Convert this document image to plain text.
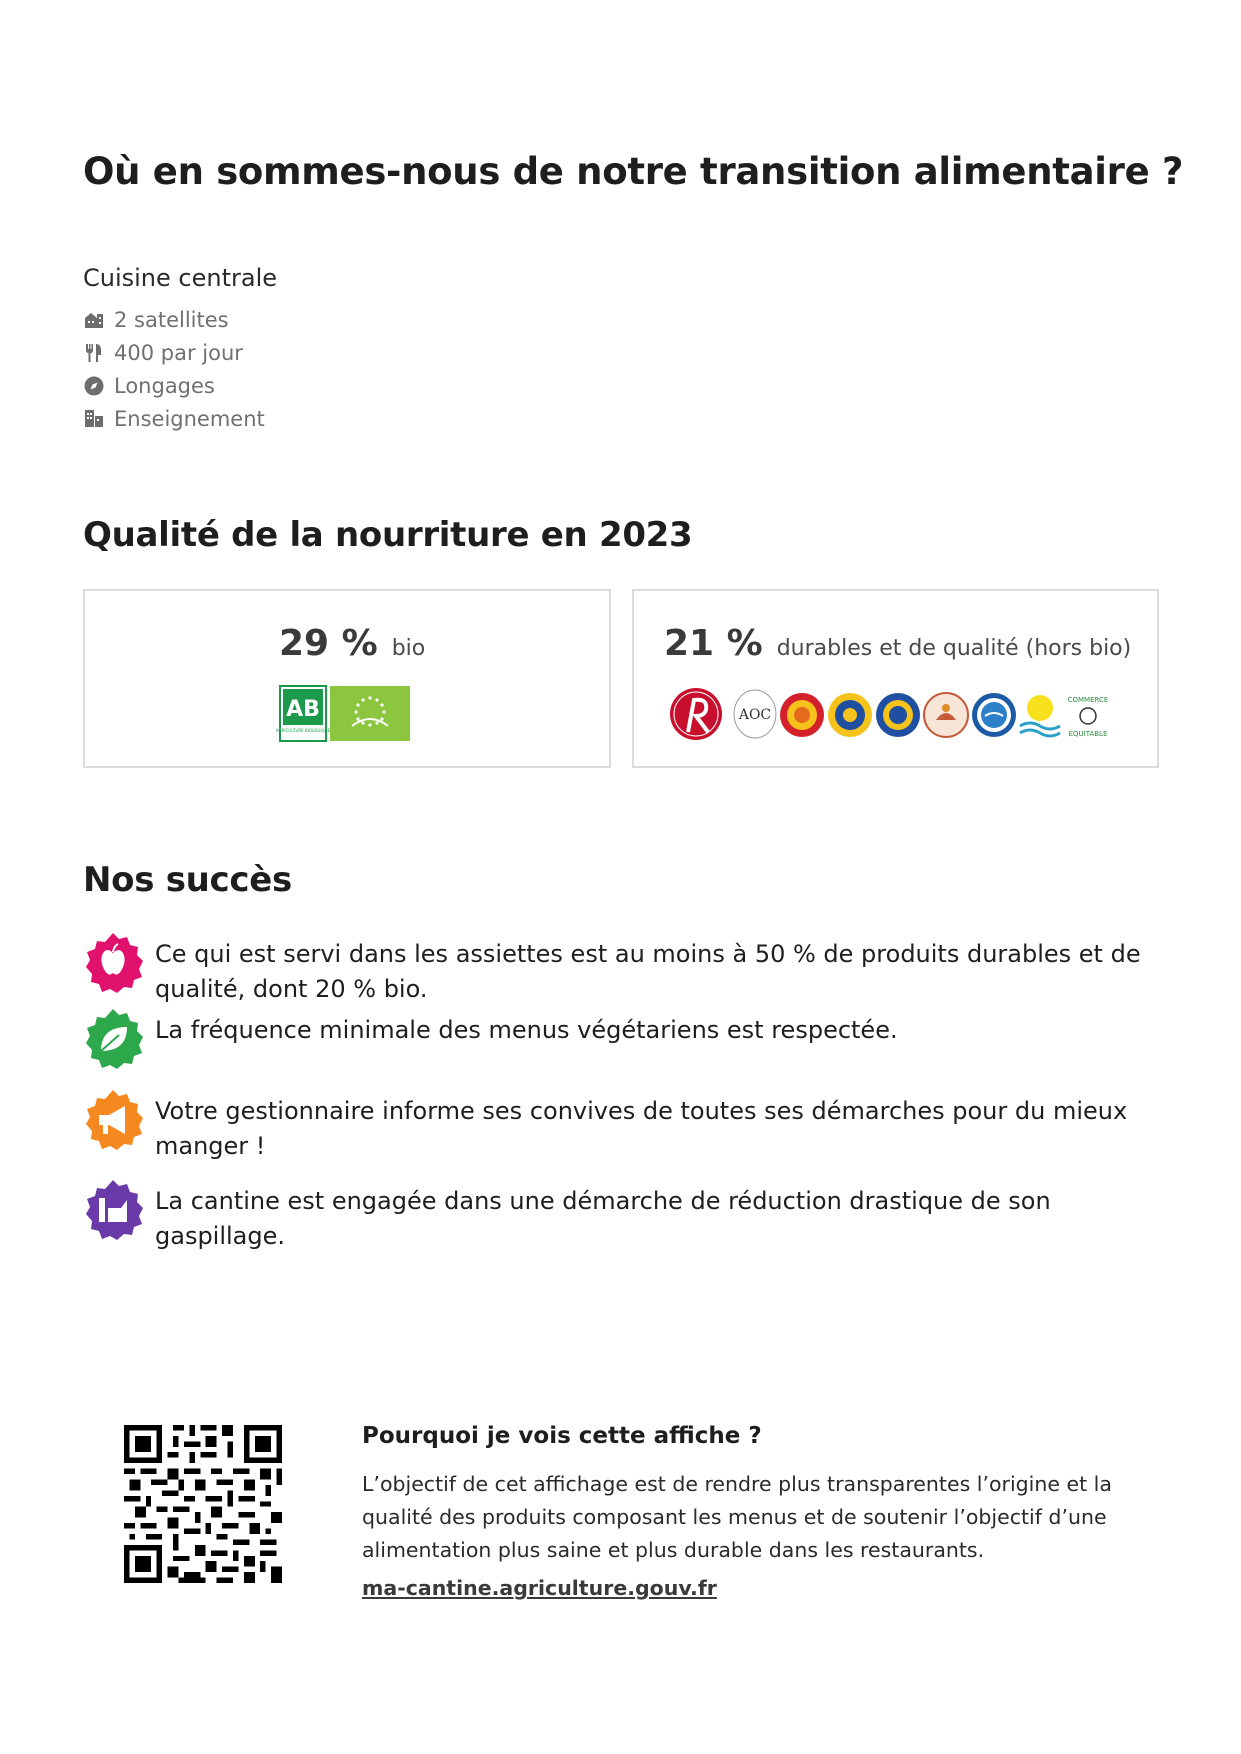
Où en sommes-nous de notre transition alimentaire ?
Cuisine centrale
2 satellites
400 par jour
Longages
Enseignement
Qualité de la nourriture en 2023
29 % bio
AB
AGRICULTURE BIOLOGIQUE
21 % durables et de qualité (hors bio)
AOC
COMMERCE
ÉQUITABLE
Nos succès
Ce qui est servi dans les assiettes est au moins à 50 % de produits durables et de qualité, dont 20 % bio.
La fréquence minimale des menus végétariens est respectée.
Votre gestionnaire informe ses convives de toutes ses démarches pour du mieux manger !
La cantine est engagée dans une démarche de réduction drastique de son gaspillage.
Pourquoi je vois cette affiche ?
L’objectif de cet affichage est de rendre plus transparentes l’origine et la qualité des produits composant les menus et de soutenir l’objectif d’une alimentation plus saine et plus durable dans les restaurants.
ma-cantine.agriculture.gouv.fr
